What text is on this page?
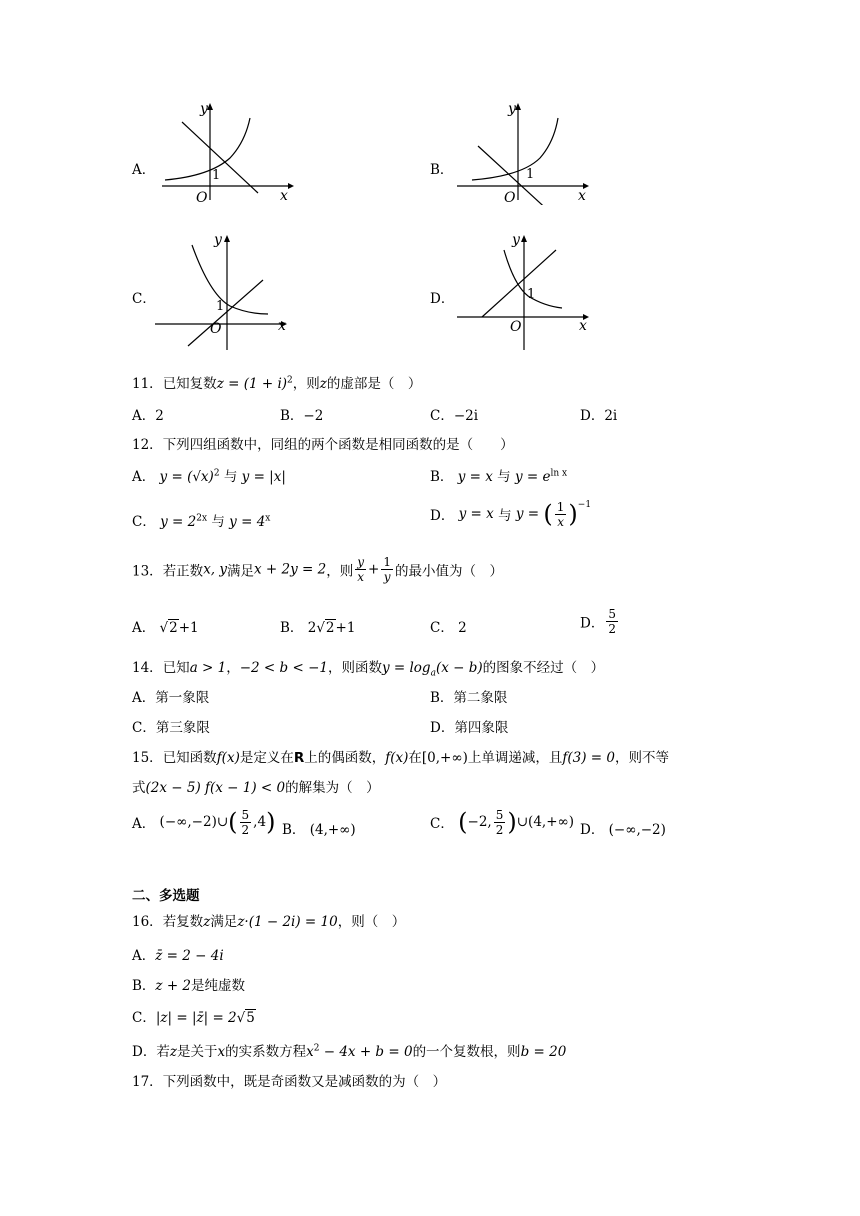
A．
y
x
O
1	B．
y
x
O
1
C．
y
x
O
1	D．
y
x
O
1
11．已知复数$z = (1 + i)^2$，则z的虚部是（　）
A．2	B．−2	C．−2i	D．2i
12．下列四组函数中，同组的两个函数是相同函数的是（　　）
A． $y = (√x)^2$ 与 y = |x|	B． y = x 与 $y = e^{ln x}$
C． $y = 2^{2x}$ 与 $y = 4^x$	D． y = x 与 y = ( $\frac{1}{x} )^{-1}$
13．若正数x, y满足x + 2y = 2，则 $\frac{y}{x} + \frac{1}{y}$ 的最小值为（　）
A． √2+1	B． 2√2+1	C． 2	D． $\frac{5}{2}$
14．已知a > 1，−2 < b < −1，则函数$y = \log_a(x - b)$的图象不经过（　）
A．第一象限	B．第二象限
C．第三象限	D．第四象限
15．已知函数f(x)是定义在R上的偶函数，f(x)在[0,+∞)上单调递减，且f(3) = 0，则不等
式(2x − 5) f(x − 1) < 0的解集为（　）
A． (−∞,−2)∪( $\frac{5}{2} ,4$) B． (4,+∞)	C． (−2, $\frac{5}{2}$ )∪(4,+∞) D． (−∞,−2)
二、多选题
16．若复数z满足z·(1 − 2i) = 10，则（　）
A．z̄ = 2 − 4i
B．z + 2是纯虚数
C．|z| = |z̄| = 2√5
D．若z是关于x的实系数方程$x^2 - 4x + b = 0$的一个复数根，则b = 20
17．下列函数中，既是奇函数又是减函数的为（　）
